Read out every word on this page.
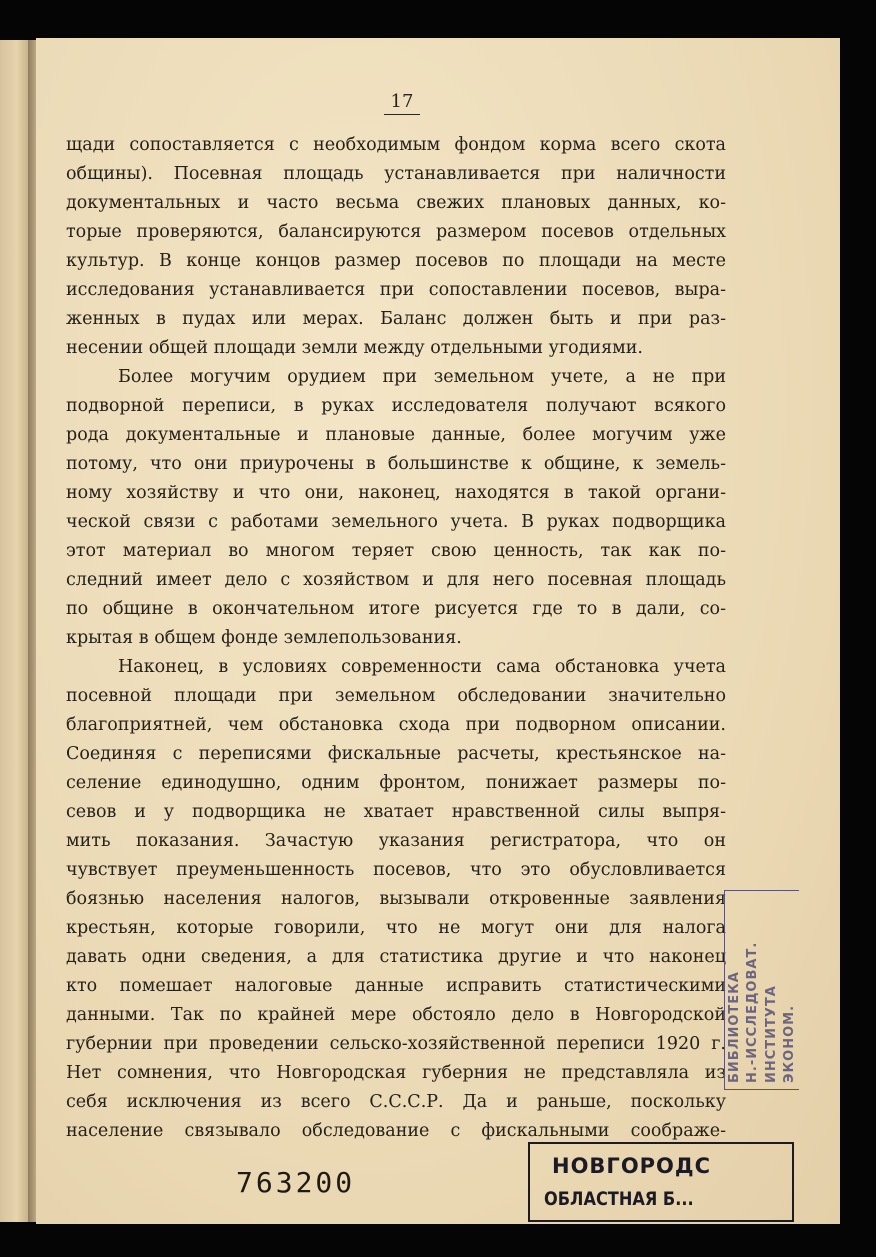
17
щади сопоставляется с необходимым фондом корма всего скота
общины). Посевная площадь устанавливается при наличности
документальных и часто весьма свежих плановых данных, ко-
торые проверяются, балансируются размером посевов отдельных
культур. В конце концов размер посевов по площади на месте
исследования устанавливается при сопоставлении посевов, выра-
женных в пудах или мерах. Баланс должен быть и при раз-
несении общей площади земли между отдельными угодиями.
Более могучим орудием при земельном учете, а не при
подворной переписи, в руках исследователя получают всякого
рода документальные и плановые данные, более могучим уже
потому, что они приурочены в большинстве к общине, к земель-
ному хозяйству и что они, наконец, находятся в такой органи-
ческой связи с работами земельного учета. В руках подворщика
этот материал во многом теряет свою ценность, так как по-
следний имеет дело с хозяйством и для него посевная площадь
по общине в окончательном итоге рисуется где то в дали, со-
крытая в общем фонде землепользования.
Наконец, в условиях современности сама обстановка учета
посевной площади при земельном обследовании значительно
благоприятней, чем обстановка схода при подворном описании.
Соединяя с переписями фискальные расчеты, крестьянское на-
селение единодушно, одним фронтом, понижает размеры по-
севов и у подворщика не хватает нравственной силы выпря-
мить показания. Зачастую указания регистратора, что он
чувствует преуменьшенность посевов, что это обусловливается
боязнью населения налогов, вызывали откровенные заявления
крестьян, которые говорили, что не могут они для налога
давать одни сведения, а для статистика другие и что наконец
кто помешает налоговые данные исправить статистическими
данными. Так по крайней мере обстояло дело в Новгородской
губернии при проведении сельско-хозяйственной переписи 1920 г.
Нет сомнения, что Новгородская губерния не представляла из
себя исключения из всего С.С.С.Р. Да и раньше, поскольку
население связывало обследование с фискальными соображе-
БИБЛИОТЕКА Н.-ИССЛЕДОВАТ. ИНСТИТУТА ЭКОНОМ.
763200	НОВГОРОДС
ОБЛАСТНАЯ Б...
